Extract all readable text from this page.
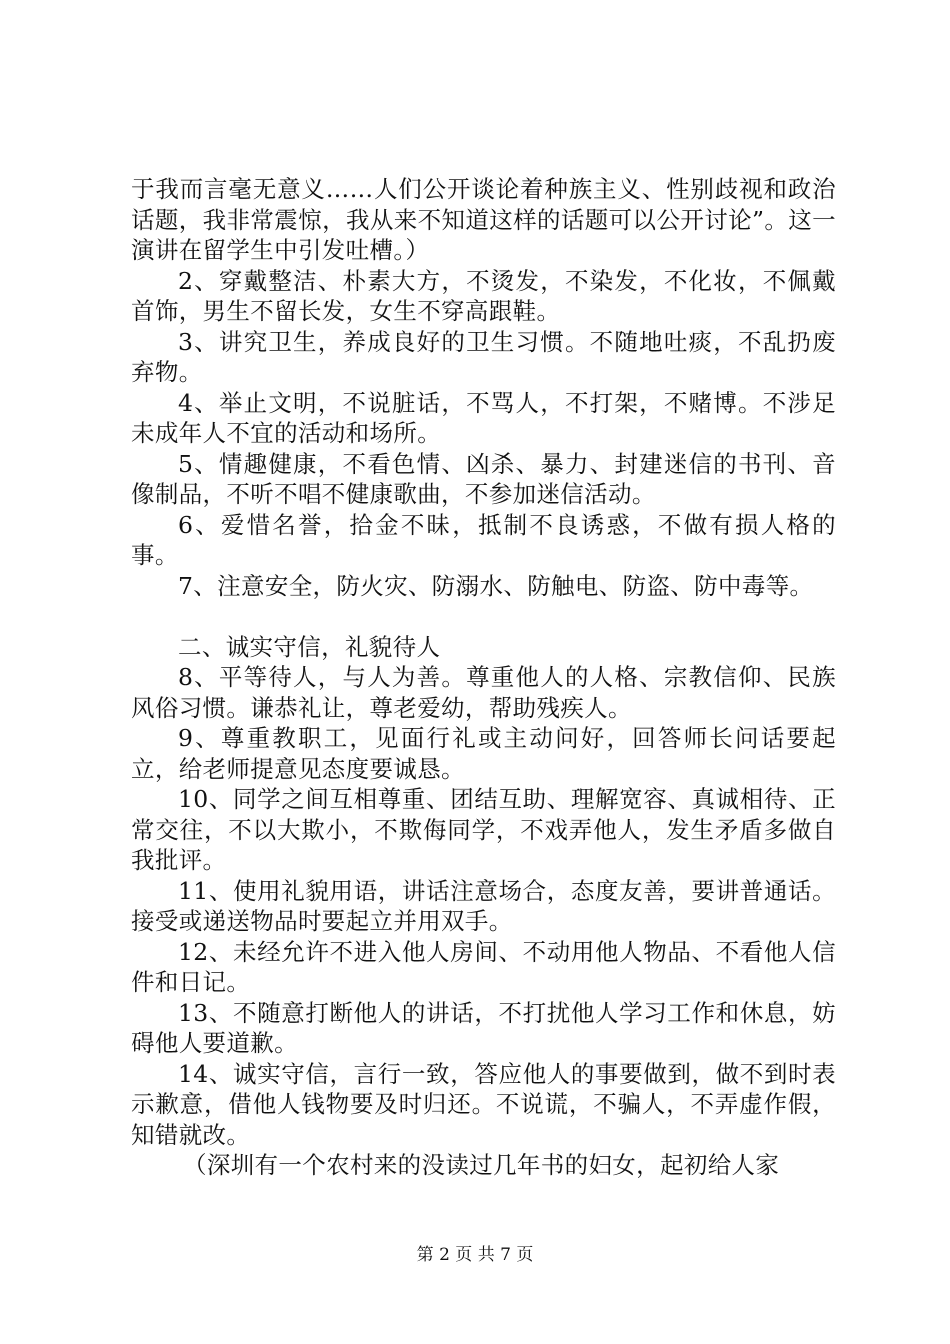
于我而言毫无意义……人们公开谈论着种族主义、性别歧视和政治话题，我非常震惊，我从来不知道这样的话题可以公开讨论”。这一演讲在留学生中引发吐槽。）

2、穿戴整洁、朴素大方，不烫发，不染发，不化妆，不佩戴首饰，男生不留长发，女生不穿高跟鞋。

3、讲究卫生，养成良好的卫生习惯。不随地吐痰，不乱扔废弃物。

4、举止文明，不说脏话，不骂人，不打架，不赌博。不涉足未成年人不宜的活动和场所。

5、情趣健康，不看色情、凶杀、暴力、封建迷信的书刊、音像制品，不听不唱不健康歌曲，不参加迷信活动。

6、爱惜名誉，拾金不昧，抵制不良诱惑，不做有损人格的事。

7、注意安全，防火灾、防溺水、防触电、防盗、防中毒等。

二、诚实守信，礼貌待人

8、平等待人，与人为善。尊重他人的人格、宗教信仰、民族风俗习惯。谦恭礼让，尊老爱幼，帮助残疾人。

9、尊重教职工，见面行礼或主动问好，回答师长问话要起立，给老师提意见态度要诚恳。

10、同学之间互相尊重、团结互助、理解宽容、真诚相待、正常交往，不以大欺小，不欺侮同学，不戏弄他人，发生矛盾多做自我批评。

11、使用礼貌用语，讲话注意场合，态度友善，要讲普通话。接受或递送物品时要起立并用双手。

12、未经允许不进入他人房间、不动用他人物品、不看他人信件和日记。

13、不随意打断他人的讲话，不打扰他人学习工作和休息，妨碍他人要道歉。

14、诚实守信，言行一致，答应他人的事要做到，做不到时表示歉意，借他人钱物要及时归还。不说谎，不骗人，不弄虚作假，知错就改。

（深圳有一个农村来的没读过几年书的妇女，起初给人家

第 2 页 共 7 页
